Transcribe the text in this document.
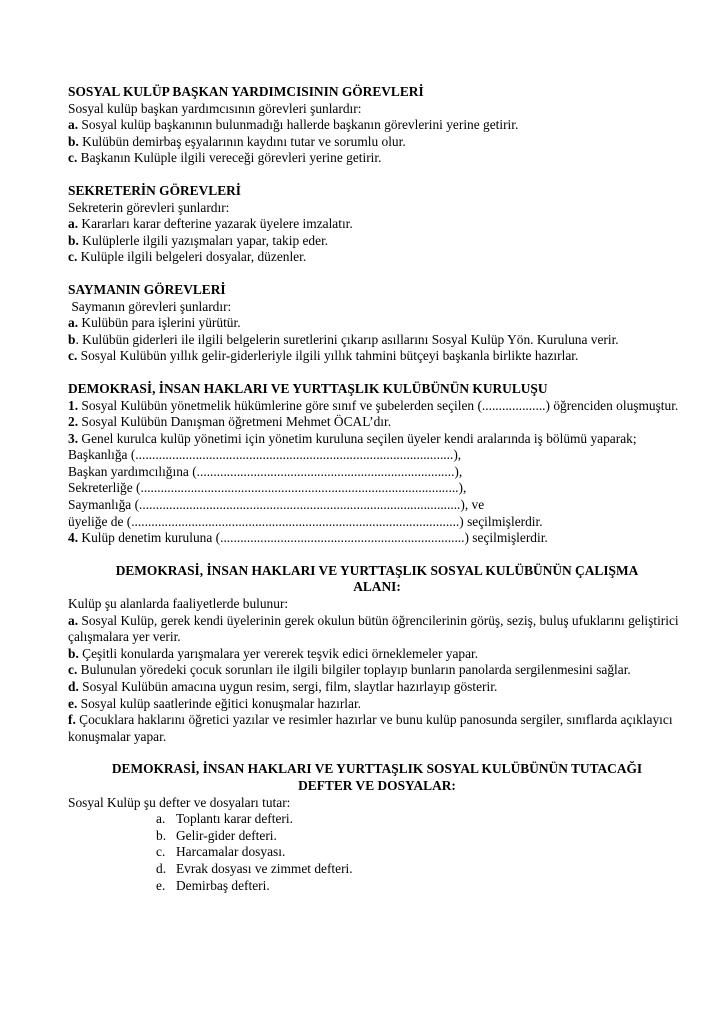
SOSYAL KULÜP BAŞKAN YARDIMCISININ GÖREVLERİ
Sosyal kulüp başkan yardımcısının görevleri şunlardır:
a. Sosyal kulüp başkanının bulunmadığı hallerde başkanın görevlerini yerine getirir.
b. Kulübün demirbaş eşyalarının kaydını tutar ve sorumlu olur.
c. Başkanın Kulüple ilgili vereceği görevleri yerine getirir.
SEKRETERİN GÖREVLERİ
Sekreterin görevleri şunlardır:
a. Kararları karar defterine yazarak üyelere imzalatır.
b. Kulüplerle ilgili yazışmaları yapar, takip eder.
c. Kulüple ilgili belgeleri dosyalar, düzenler.
SAYMANIN GÖREVLERİ
Saymanın görevleri şunlardır:
a. Kulübün para işlerini yürütür.
b. Kulübün giderleri ile ilgili belgelerin suretlerini çıkarıp asıllarını Sosyal Kulüp Yön. Kuruluna verir.
c. Sosyal Kulübün yıllık gelir-giderleriyle ilgili yıllık tahmini bütçeyi başkanla birlikte hazırlar.
DEMOKRASİ, İNSAN HAKLARI VE YURTTAŞLIK KULÜBÜNÜN KURULUŞU
1. Sosyal Kulübün yönetmelik hükümlerine göre sınıf ve şubelerden seçilen (...................) öğrenciden oluşmuştur.
2. Sosyal Kulübün Danışman öğretmeni Mehmet ÖCAL’dır.
3. Genel kurulca kulüp yönetimi için yönetim kuruluna seçilen üyeler kendi aralarında iş bölümü yaparak;
Başkanlığa (...............................................................................................),
Başkan yardımcılığına (.............................................................................),
Sekreterliğe (...............................................................................................),
Saymanlığa (................................................................................................), ve
üyeliğe de (..................................................................................................) seçilmişlerdir.
4. Kulüp denetim kuruluna (.........................................................................) seçilmişlerdir.
DEMOKRASİ, İNSAN HAKLARI VE YURTTAŞLIK SOSYAL KULÜBÜNÜN ÇALIŞMA
ALANI:
Kulüp şu alanlarda faaliyetlerde bulunur:
a. Sosyal Kulüp, gerek kendi üyelerinin gerek okulun bütün öğrencilerinin görüş, seziş, buluş ufuklarını geliştirici çalışmalara yer verir.
b. Çeşitli konularda yarışmalara yer vererek teşvik edici örneklemeler yapar.
c. Bulunulan yöredeki çocuk sorunları ile ilgili bilgiler toplayıp bunların panolarda sergilenmesini sağlar.
d. Sosyal Kulübün amacına uygun resim, sergi, film, slaytlar hazırlayıp gösterir.
e. Sosyal kulüp saatlerinde eğitici konuşmalar hazırlar.
f. Çocuklara haklarını öğretici yazılar ve resimler hazırlar ve bunu kulüp panosunda sergiler, sınıflarda açıklayıcı konuşmalar yapar.
DEMOKRASİ, İNSAN HAKLARI VE YURTTAŞLIK SOSYAL KULÜBÜNÜN TUTACAĞI
DEFTER VE DOSYALAR:
Sosyal Kulüp şu defter ve dosyaları tutar:
a. Toplantı karar defteri.
b. Gelir-gider defteri.
c. Harcamalar dosyası.
d. Evrak dosyası ve zimmet defteri.
e. Demirbaş defteri.
